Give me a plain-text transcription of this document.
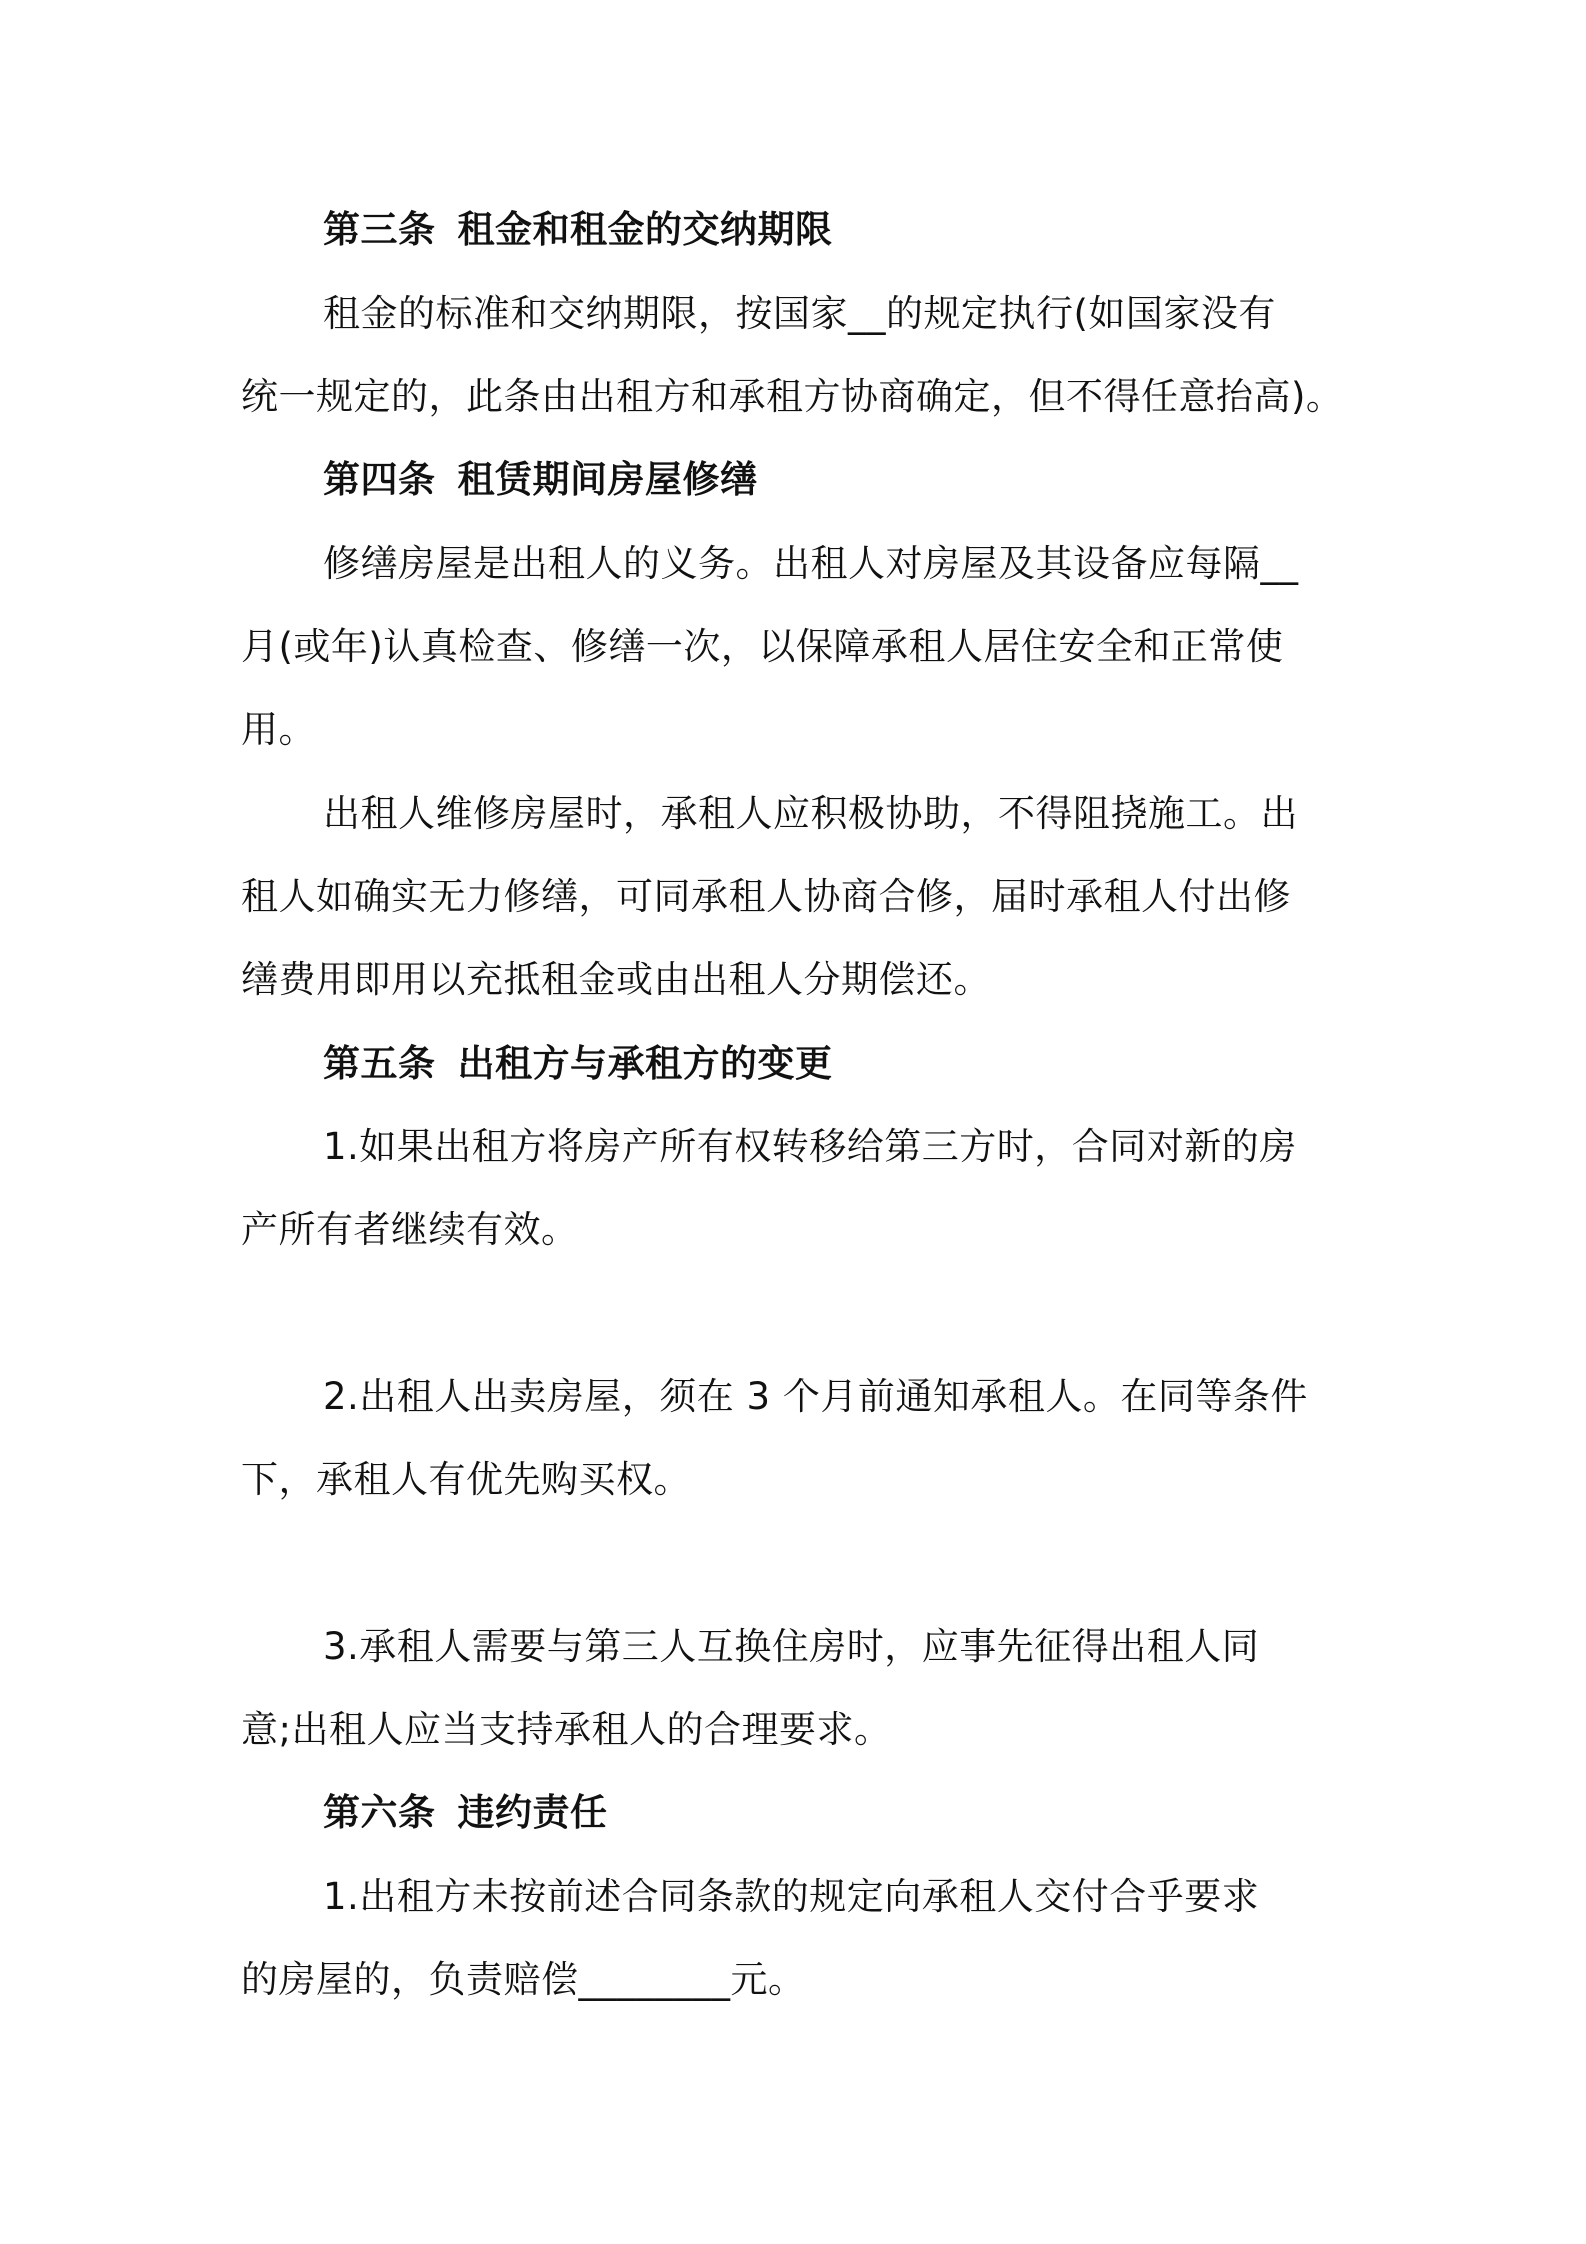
第三条 租金和租金的交纳期限
租金的标准和交纳期限，按国家__的规定执行(如国家没有
统一规定的，此条由出租方和承租方协商确定，但不得任意抬高)。
第四条 租赁期间房屋修缮
修缮房屋是出租人的义务。出租人对房屋及其设备应每隔__
月(或年)认真检查、修缮一次，以保障承租人居住安全和正常使
用。
出租人维修房屋时，承租人应积极协助，不得阻挠施工。出
租人如确实无力修缮，可同承租人协商合修，届时承租人付出修
缮费用即用以充抵租金或由出租人分期偿还。
第五条 出租方与承租方的变更
1.如果出租方将房产所有权转移给第三方时，合同对新的房
产所有者继续有效。
2.出租人出卖房屋，须在 3 个月前通知承租人。在同等条件
下，承租人有优先购买权。
3.承租人需要与第三人互换住房时，应事先征得出租人同
意;出租人应当支持承租人的合理要求。
第六条 违约责任
1.出租方未按前述合同条款的规定向承租人交付合乎要求
的房屋的，负责赔偿________元。
